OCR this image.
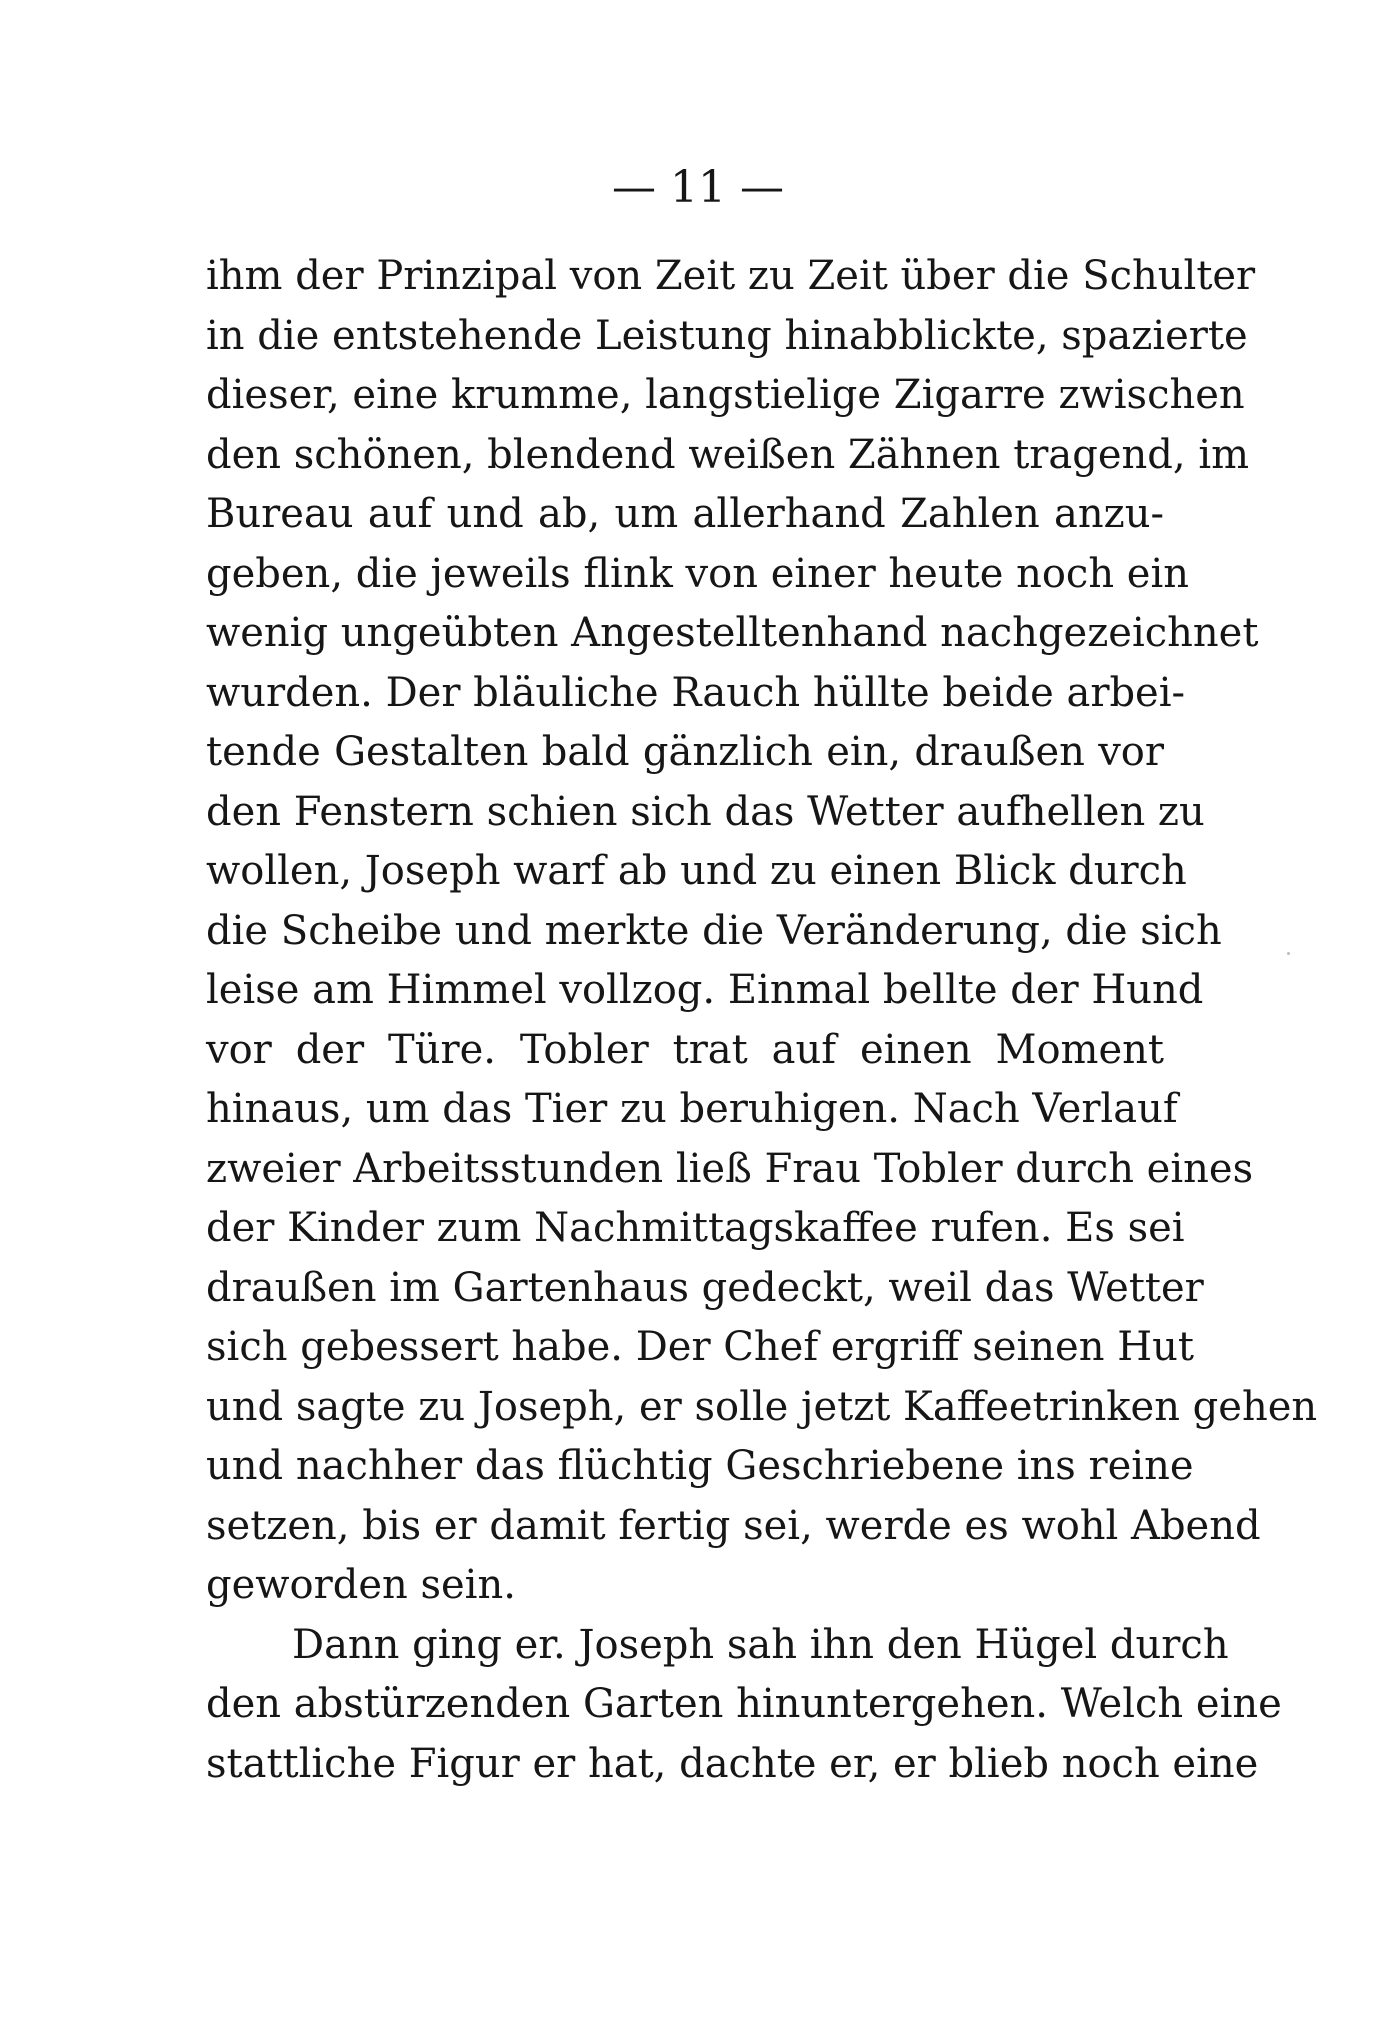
— 11 —
ihm der Prinzipal von Zeit zu Zeit über die Schulter
in die entstehende Leistung hinabblickte, spazierte
dieser, eine krumme, langstielige Zigarre zwischen
den schönen, blendend weißen Zähnen tragend, im
Bureau auf und ab, um allerhand Zahlen anzu-
geben, die jeweils flink von einer heute noch ein
wenig ungeübten Angestelltenhand nachgezeichnet
wurden. Der bläuliche Rauch hüllte beide arbei-
tende Gestalten bald gänzlich ein, draußen vor
den Fenstern schien sich das Wetter aufhellen zu
wollen, Joseph warf ab und zu einen Blick durch
die Scheibe und merkte die Veränderung, die sich
leise am Himmel vollzog. Einmal bellte der Hund
vor der Türe. Tobler trat auf einen Moment
hinaus, um das Tier zu beruhigen. Nach Verlauf
zweier Arbeitsstunden ließ Frau Tobler durch eines
der Kinder zum Nachmittagskaffee rufen. Es sei
draußen im Gartenhaus gedeckt, weil das Wetter
sich gebessert habe. Der Chef ergriff seinen Hut
und sagte zu Joseph, er solle jetzt Kaffeetrinken gehen
und nachher das flüchtig Geschriebene ins reine
setzen, bis er damit fertig sei, werde es wohl Abend
geworden sein.
Dann ging er. Joseph sah ihn den Hügel durch
den abstürzenden Garten hinuntergehen. Welch eine
stattliche Figur er hat, dachte er, er blieb noch eine
